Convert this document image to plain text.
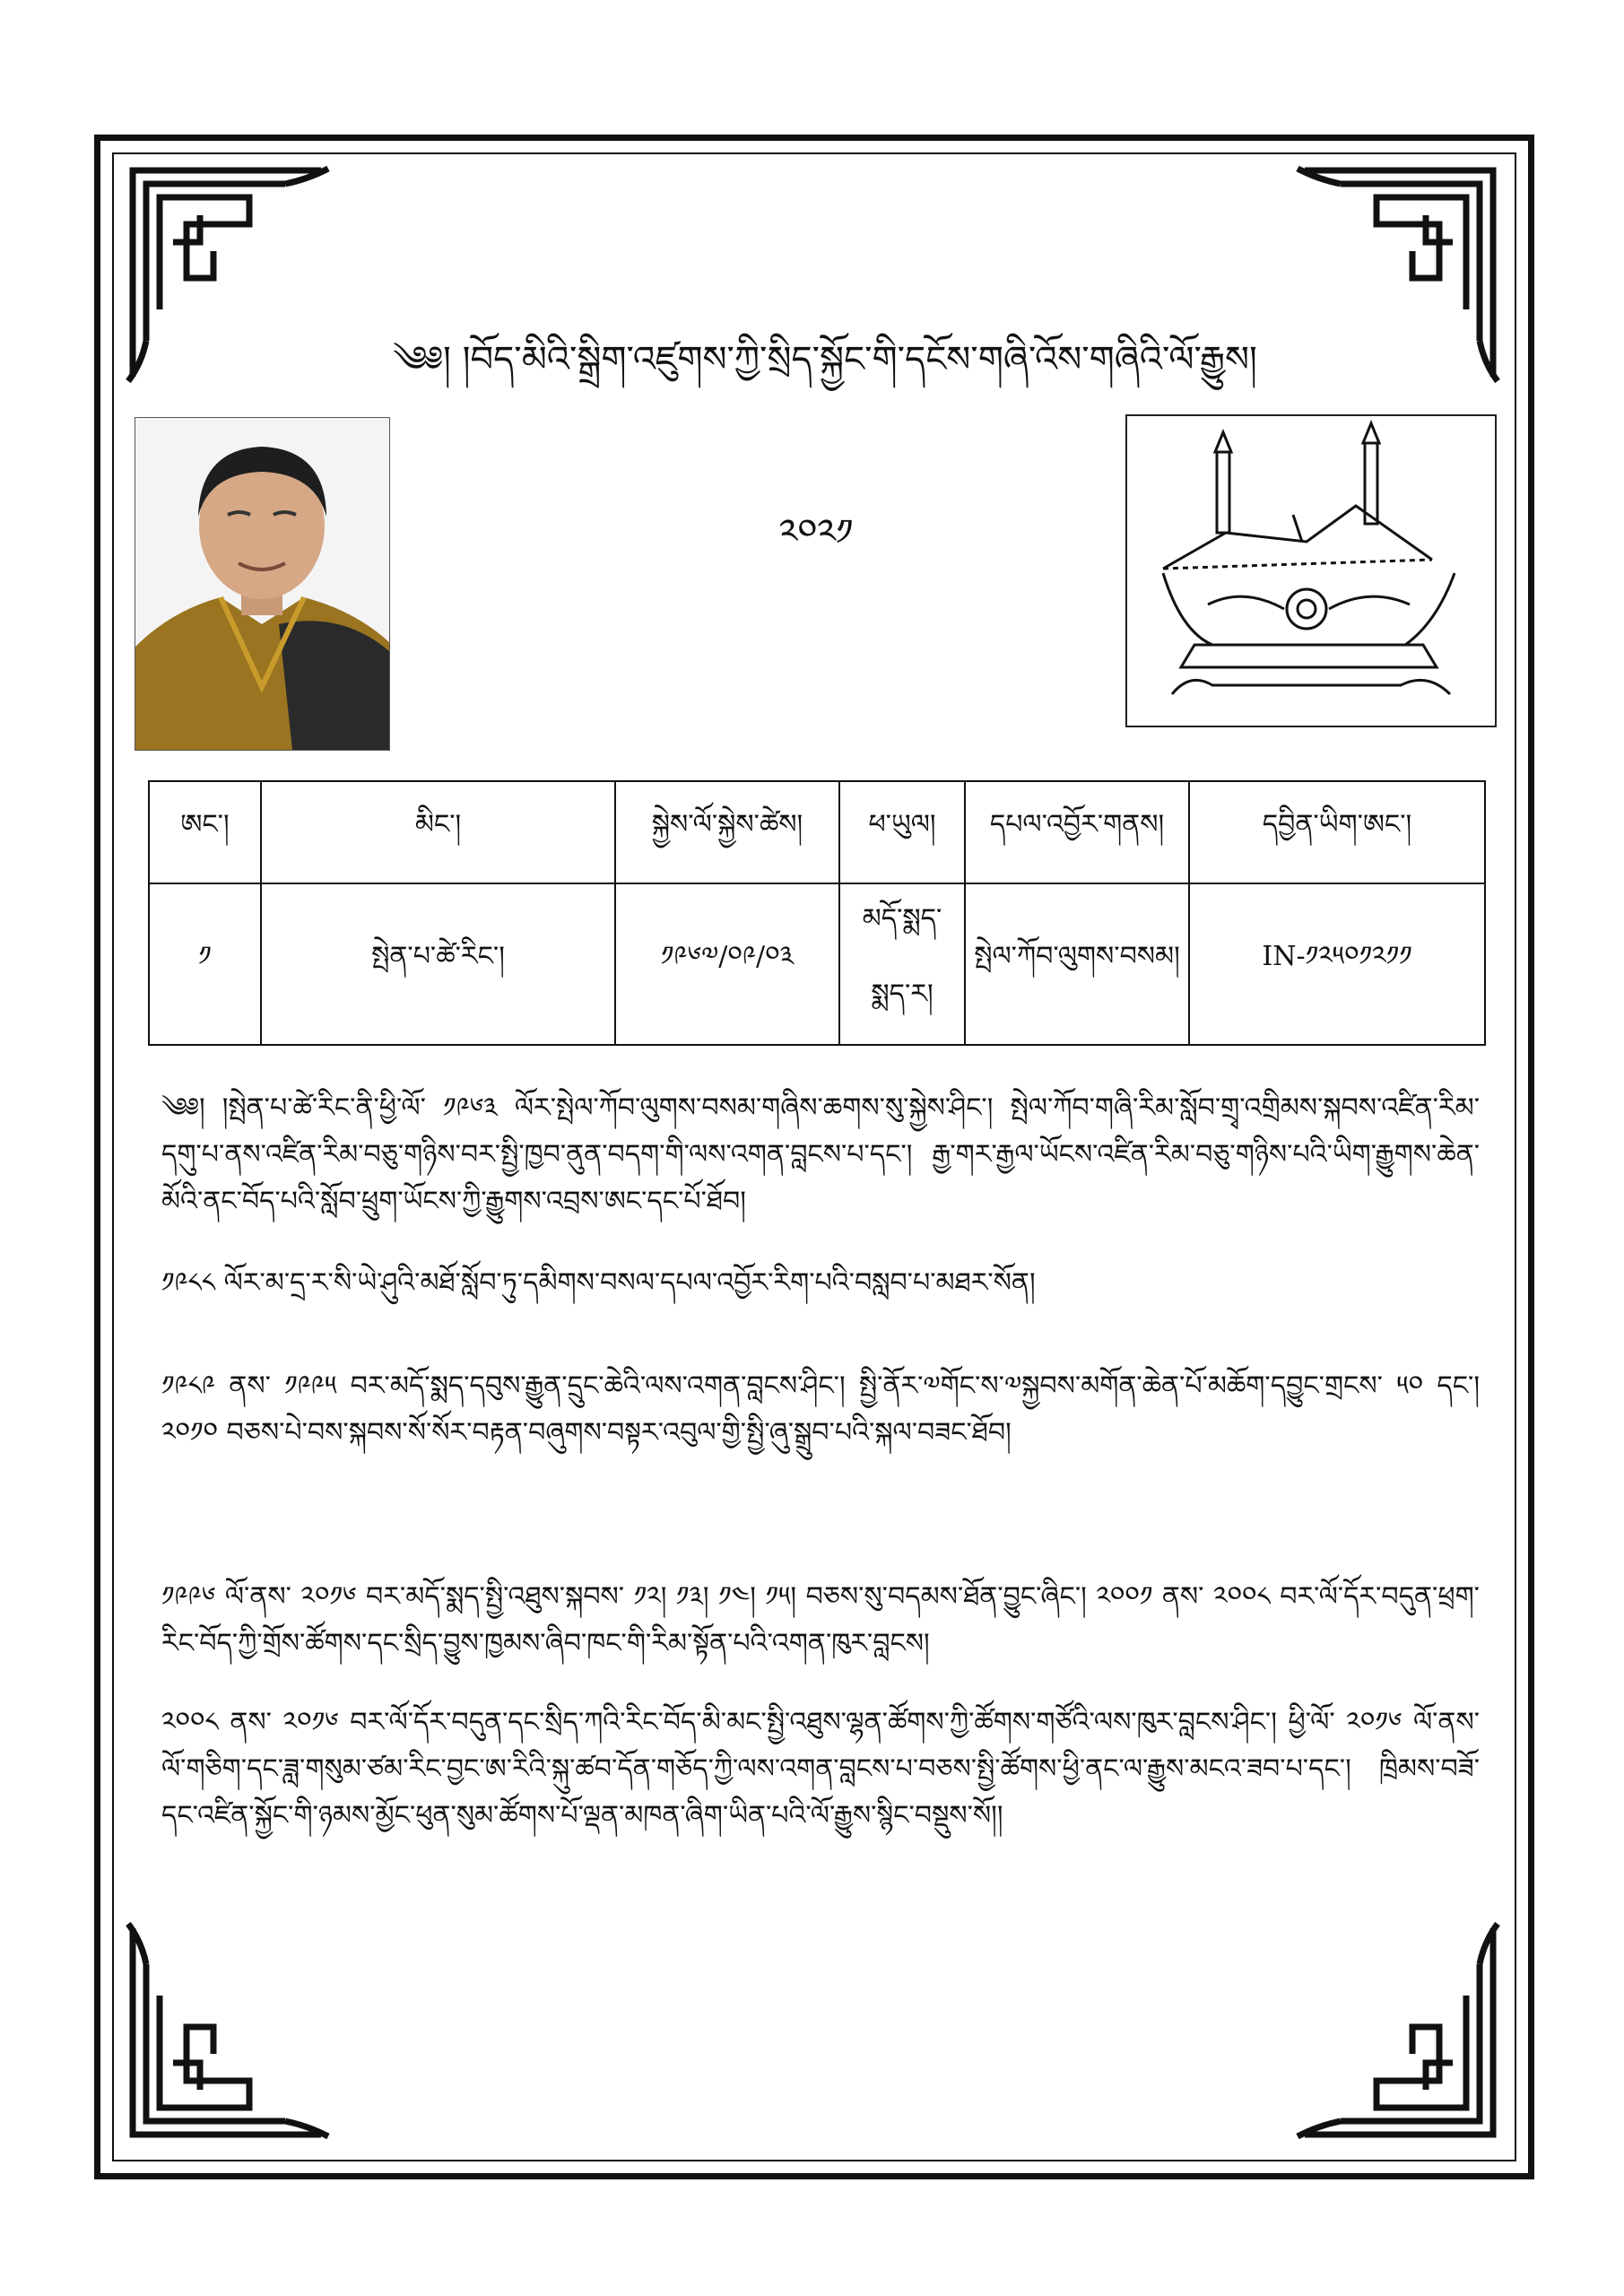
༄༅། །བོད་མིའི་སྒྲིག་འཛུགས་ཀྱི་སྲིད་སྐྱོང་གི་དངོས་གཞི་འོས་གཞིའི་ལོ་རྒྱུས།
༢༠༢༡
ཨང་།	མིང་།	སྐྱེས་ལོ་སྐྱེས་ཚེས།	ཕ་ཡུལ།	དཔལ་འབྱོར་གནས།	དབྱིན་ཡིག་ཨང་།
༡	སྤེན་པ་ཚེ་རིང་།	༡༩༦༧/༠༩/༠༣	མདོ་སྨད་སྨད་ར།	སྤེལ་ཀོབ་ལུགས་བསམ།	IN-༡༢༥༠༡༢༡༡
༄༅། །སྤེན་པ་ཚེ་རིང་ནི་ཕྱི་ལོ་ ༡༩༦༣ ལོར་སྤེལ་ཀོབ་ལུགས་བསམ་གཞིས་ཆགས་སུ་སྐྱེས་ཤིང་། སྤེལ་ཀོབ་གཞི་རིམ་སློབ་གྲྭ་འགྲིམས་སྐབས་འཛིན་རིམ་དགུ་པ་ནས་འཛིན་རིམ་བཅུ་གཉིས་བར་སྤྱི་ཁྱབ་ནུན་བདག་གི་ལས་འགན་བླངས་པ་དང་། རྒྱ་གར་རྒྱལ་ཡོངས་འཛིན་རིམ་བཅུ་གཉིས་པའི་ཡིག་རྒྱུགས་ཆེན་མོའི་ནང་བོད་པའི་སློབ་ཕྲུག་ཡོངས་ཀྱི་རྒྱུགས་འབྲས་ཨང་དང་པོ་ཐོབ།
༡༩༨༨ ལོར་མ་དྲ་ར་སི་ཡེ་ཤུའི་མཐོ་སློབ་ཏུ་དམིགས་བསལ་དཔལ་འབྱོར་རིག་པའི་བསླབ་པ་མཐར་སོན།
༡༩༨༩ ནས་ ༡༩༩༥ བར་མདོ་སྨད་དབུས་རྒྱུན་དྲུང་ཆེའི་ལས་འགན་བླངས་ཤིང་། སྤྱི་ནོར་༧གོང་ས་༧སྐྱབས་མགོན་ཆེན་པོ་མཆོག་དབྱུང་གྲངས་ ༥༠ དང་། ༢༠༡༠ བཅས་པེ་བས་སྐབས་སོ་སོར་བརྟན་བཞུགས་བསྟར་འབུལ་གྱི་སྤྱི་ཞུ་སྒྲུབ་པའི་སྐལ་བཟང་ཐོབ།
༡༩༩༦ ལོ་ནས་ ༢༠༡༦ བར་མདོ་སྨད་སྤྱི་འཐུས་སྐབས་ ༡༢། ༡༣། ༡༤། ༡༥། བཅས་སུ་བདམས་ཐོན་བྱུང་ཞིང་། ༢༠༠༡ ནས་ ༢༠༠༨ བར་ལོ་དོར་བདུན་ཕྲག་རིང་བོད་ཀྱི་གྲོས་ཚོགས་དང་སྲིད་བྱུས་ཁྱམས་ཞིབ་ཁང་གི་རིམ་སྟོན་པའི་འགན་ཁུར་བླངས།
༢༠༠༨ ནས་ ༢༠༡༦ བར་ལོ་དོར་བདུན་དང་སྲིད་ཀའི་རིང་བོད་མི་མང་སྤྱི་འཐུས་ལྷན་ཚོགས་ཀྱི་ཚོགས་གཙོའི་ལས་ཁུར་བླངས་ཤིང་། ཕྱི་ལོ་ ༢༠༡༦ ལོ་ནས་ལོ་གཅིག་དང་ཟླ་གསུམ་ཙམ་རིང་བྱང་ཨ་རིའི་སྐུ་ཚབ་དོན་གཅོད་ཀྱི་ལས་འགན་བླངས་པ་བཅས་སྤྱི་ཚོགས་ཕྱི་ནང་ལ་རྒྱུས་མངའ་ཟབ་པ་དང་། ཁྲིམས་བཟོ་དང་འཛིན་སྐྱོང་གི་ཉམས་མྱོང་ཕུན་སུམ་ཚོགས་པོ་ལྡན་མཁན་ཞིག་ཡིན་པའི་ལོ་རྒྱུས་སྙིང་བསྡུས་སོ།།
